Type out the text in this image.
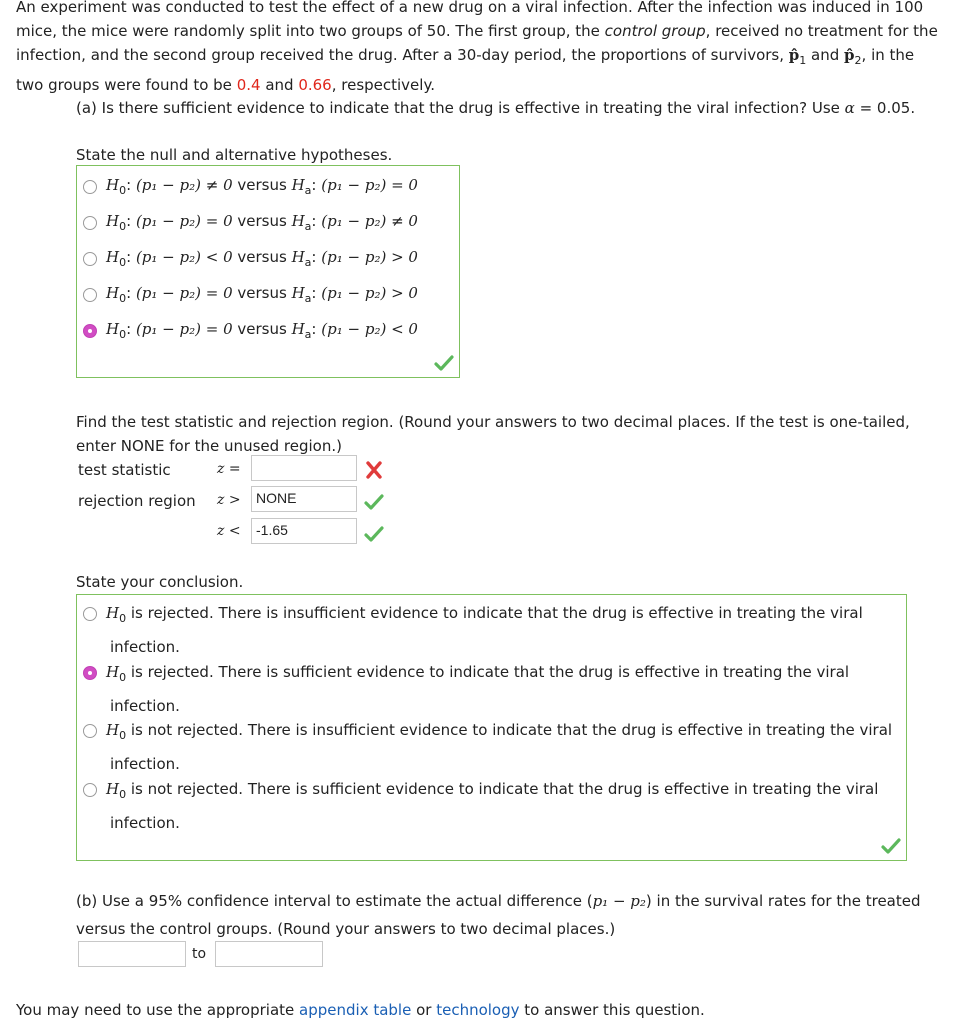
An experiment was conducted to test the effect of a new drug on a viral infection. After the infection was induced in 100
mice, the mice were randomly split into two groups of 50. The first group, the control group, received no treatment for the
infection, and the second group received the drug. After a 30-day period, the proportions of survivors, $p̂_1$ and $p̂_2$, in the
two groups were found to be 0.4 and 0.66, respectively.
(a) Is there sufficient evidence to indicate that the drug is effective in treating the viral infection? Use α = 0.05.
State the null and alternative hypotheses.
$H_0$: (p₁ − p₂) ≠ 0 versus $H_a$: (p₁ − p₂) = 0
$H_0$: (p₁ − p₂) = 0 versus $H_a$: (p₁ − p₂) ≠ 0
$H_0$: (p₁ − p₂) < 0 versus $H_a$: (p₁ − p₂) > 0
$H_0$: (p₁ − p₂) = 0 versus $H_a$: (p₁ − p₂) > 0
$H_0$: (p₁ − p₂) = 0 versus $H_a$: (p₁ − p₂) < 0
Find the test statistic and rejection region. (Round your answers to two decimal places. If the test is one-tailed,
enter NONE for the unused region.)
test statistic	z =
rejection region z >	NONE
z <	-1.65
State your conclusion.
$H_0$ is rejected. There is insufficient evidence to indicate that the drug is effective in treating the viral
infection.
$H_0$ is rejected. There is sufficient evidence to indicate that the drug is effective in treating the viral
infection.
$H_0$ is not rejected. There is insufficient evidence to indicate that the drug is effective in treating the viral
infection.
$H_0$ is not rejected. There is sufficient evidence to indicate that the drug is effective in treating the viral
infection.
(b) Use a 95% confidence interval to estimate the actual difference (p₁ − p₂) in the survival rates for the treated
versus the control groups. (Round your answers to two decimal places.)
to
You may need to use the appropriate appendix table or technology to answer this question.
